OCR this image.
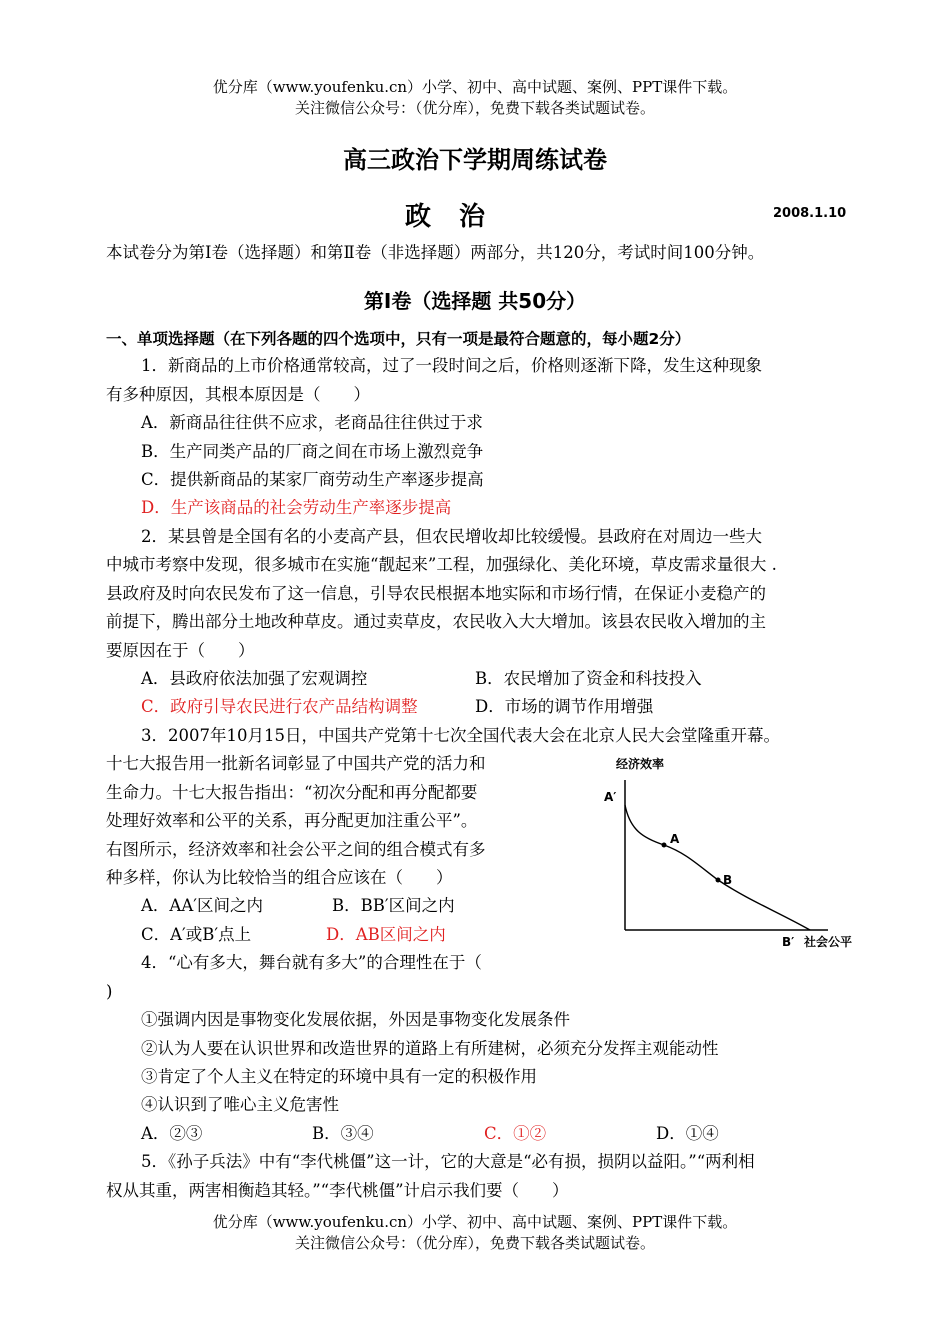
优分库（www.youfenku.cn）小学、初中、高中试题、案例、PPT课件下载。
关注微信公众号：（优分库），免费下载各类试题试卷。
高三政治下学期周练试卷
政治	2008.1.10
本试卷分为第Ⅰ卷（选择题）和第Ⅱ卷（非选择题）两部分，共120分，考试时间100分钟。
第Ⅰ卷（选择题 共50分）
一、单项选择题（在下列各题的四个选项中，只有一项是最符合题意的，每小题2分）
1．新商品的上市价格通常较高，过了一段时间之后，价格则逐渐下降，发生这种现象
有多种原因，其根本原因是（　　）
A．新商品往往供不应求，老商品往往供过于求
B．生产同类产品的厂商之间在市场上激烈竞争
C．提供新商品的某家厂商劳动生产率逐步提高
D．生产该商品的社会劳动生产率逐步提高
2．某县曾是全国有名的小麦高产县，但农民增收却比较缓慢。县政府在对周边一些大
中城市考察中发现，很多城市在实施“靓起来”工程，加强绿化、美化环境，草皮需求量很大 .
县政府及时向农民发布了这一信息，引导农民根据本地实际和市场行情，在保证小麦稳产的
前提下，腾出部分土地改种草皮。通过卖草皮，农民收入大大增加。该县农民收入增加的主
要原因在于（　　）
A．县政府依法加强了宏观调控	B．农民增加了资金和科技投入
C．政府引导农民进行农产品结构调整	D．市场的调节作用增强
3．2007年10月15日，中国共产党第十七次全国代表大会在北京人民大会堂隆重开幕。
十七大报告用一批新名词彰显了中国共产党的活力和
生命力。十七大报告指出：“初次分配和再分配都要
处理好效率和公平的关系，再分配更加注重公平”。
右图所示，经济效率和社会公平之间的组合模式有多
种多样，你认为比较恰当的组合应该在（　　）
A．AA′区间之内	B．BB′区间之内
C．A′或B′点上	D．AB区间之内
经济效率
社会公平
A′
A
B
B′
4．“心有多大，舞台就有多大”的合理性在于（
)
①强调内因是事物变化发展依据，外因是事物变化发展条件
②认为人要在认识世界和改造世界的道路上有所建树，必须充分发挥主观能动性
③肯定了个人主义在特定的环境中具有一定的积极作用
④认识到了唯心主义危害性
A．②③	B．③④	C．①②	D．①④
5．《孙子兵法》中有“李代桃僵”这一计，它的大意是“必有损，损阴以益阳。”“两利相
权从其重，两害相衡趋其轻。”“李代桃僵”计启示我们要（　　）
优分库（www.youfenku.cn）小学、初中、高中试题、案例、PPT课件下载。
关注微信公众号：（优分库），免费下载各类试题试卷。
